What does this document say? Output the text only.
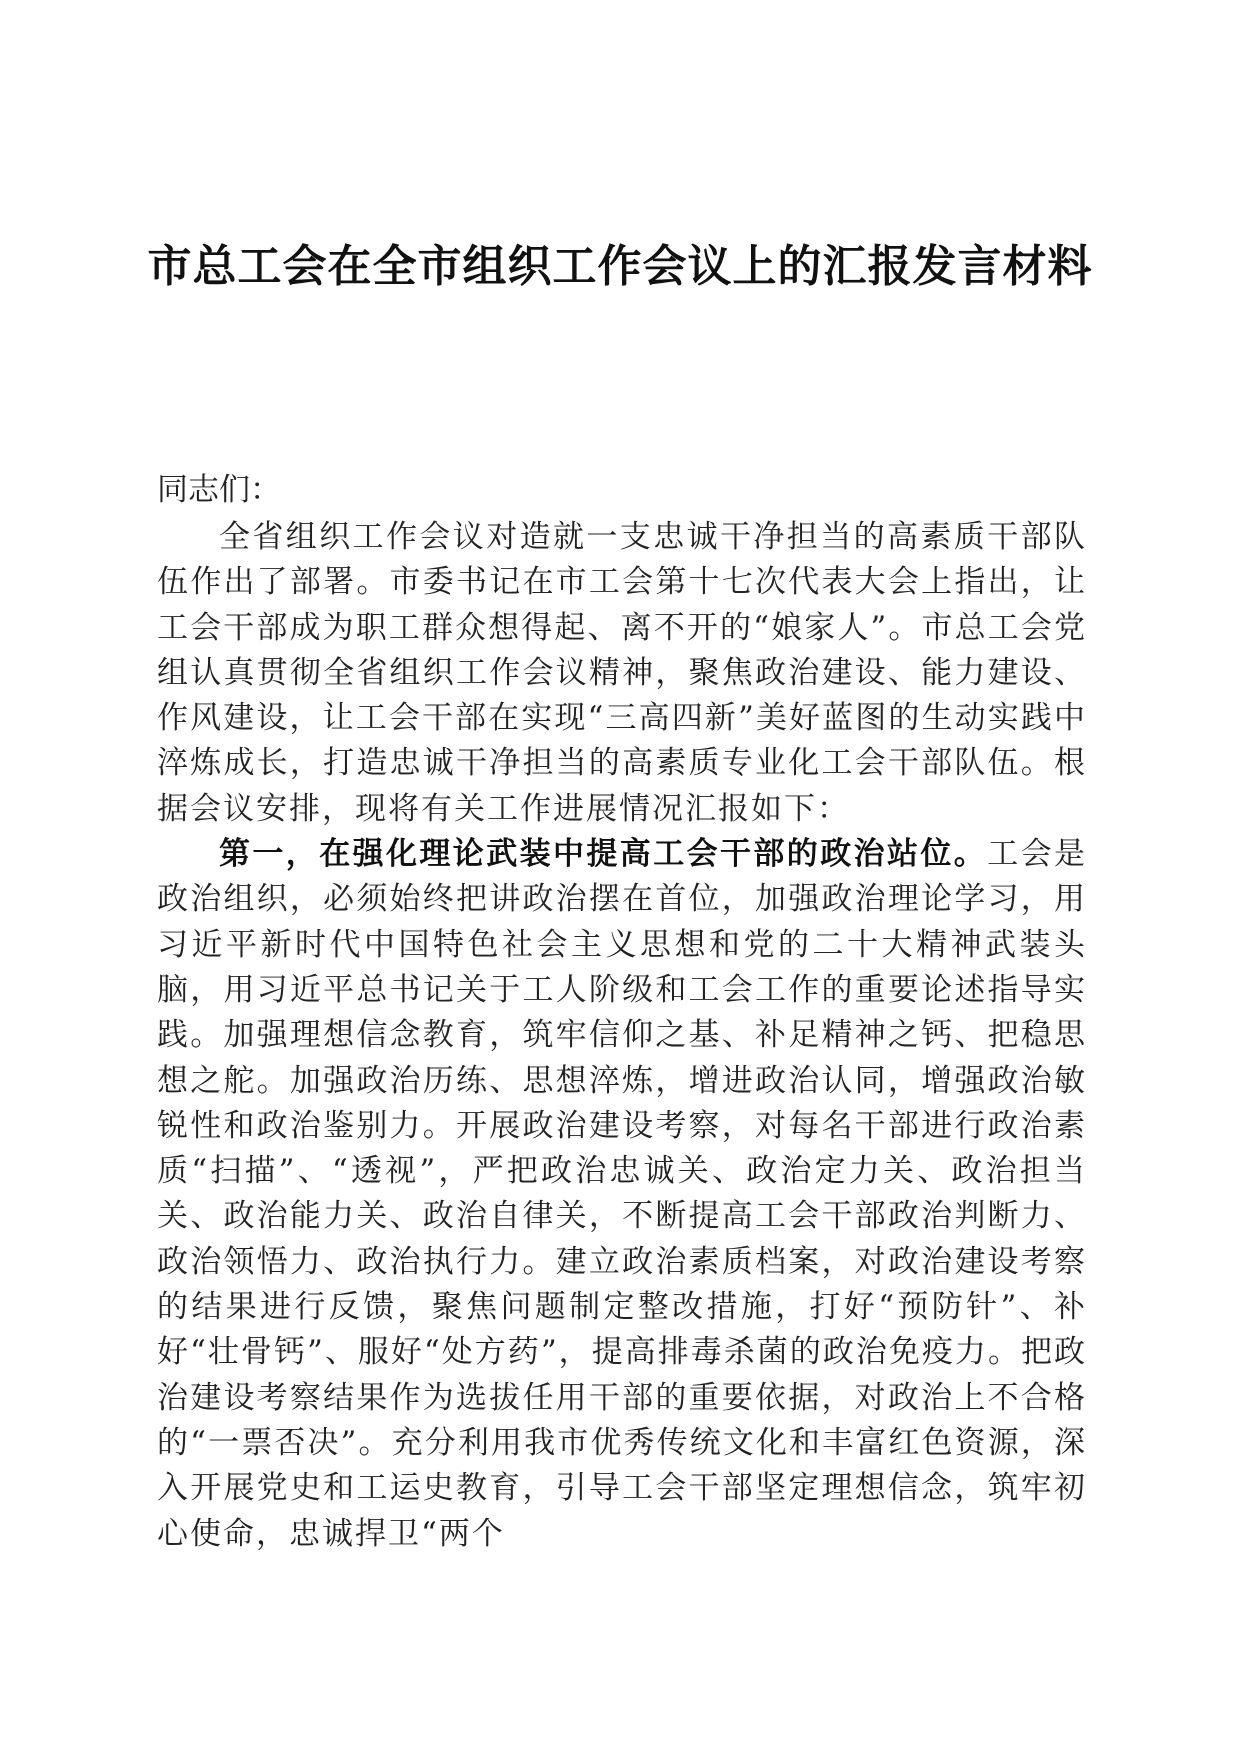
市总工会在全市组织工作会议上的汇报发言材料
同志们：

全省组织工作会议对造就一支忠诚干净担当的高素质干部队伍作出了部署。市委书记在市工会第十七次代表大会上指出，让工会干部成为职工群众想得起、离不开的“娘家人”。市总工会党组认真贯彻全省组织工作会议精神，聚焦政治建设、能力建设、作风建设，让工会干部在实现“三高四新”美好蓝图的生动实践中淬炼成长，打造忠诚干净担当的高素质专业化工会干部队伍。根据会议安排，现将有关工作进展情况汇报如下：

第一，在强化理论武装中提高工会干部的政治站位。工会是政治组织，必须始终把讲政治摆在首位，加强政治理论学习，用习近平新时代中国特色社会主义思想和党的二十大精神武装头脑，用习近平总书记关于工人阶级和工会工作的重要论述指导实践。加强理想信念教育，筑牢信仰之基、补足精神之钙、把稳思想之舵。加强政治历练、思想淬炼，增进政治认同，增强政治敏锐性和政治鉴别力。开展政治建设考察，对每名干部进行政治素质“扫描”、“透视”，严把政治忠诚关、政治定力关、政治担当关、政治能力关、政治自律关，不断提高工会干部政治判断力、政治领悟力、政治执行力。建立政治素质档案，对政治建设考察的结果进行反馈，聚焦问题制定整改措施，打好“预防针”、补好“壮骨钙”、服好“处方药”，提高排毒杀菌的政治免疫力。把政治建设考察结果作为选拔任用干部的重要依据，对政治上不合格的“一票否决”。充分利用我市优秀传统文化和丰富红色资源，深入开展党史和工运史教育，引导工会干部坚定理想信念，筑牢初心使命，忠诚捍卫“两个
